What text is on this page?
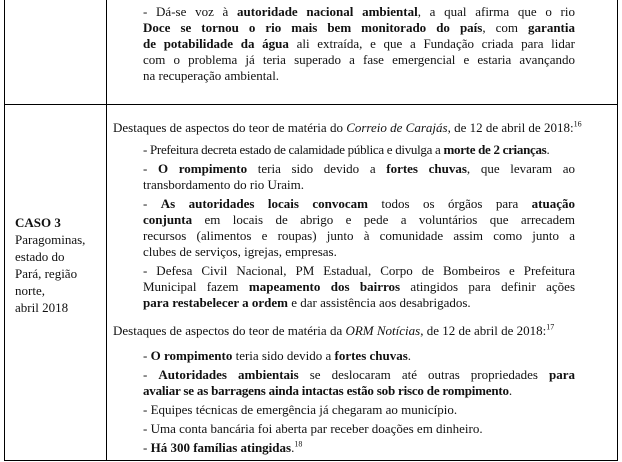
- Dá-se voz à autoridade nacional ambiental, a qual afirma que o rio

Doce se tornou o rio mais bem monitorado do país, com garantia

de potabilidade da água ali extraída, e que a Fundação criada para lidar

com o problema já teria superado a fase emergencial e estaria avançando

na recuperação ambiental.

CASO 3
Paragominas,
estado do
Pará, região
norte,
abril 2018

Destaques de aspectos do teor de matéria do Correio de Carajás, de 12 de abril de 2018:$^{16}$

- Prefeitura decreta estado de calamidade pública e divulga a morte de 2 crianças.

- O rompimento teria sido devido a fortes chuvas, que levaram ao

transbordamento do rio Uraim.

- As autoridades locais convocam todos os órgãos para atuação

conjunta em locais de abrigo e pede a voluntários que arrecadem

recursos (alimentos e roupas) junto à comunidade assim como junto a

clubes de serviços, igrejas, empresas.

- Defesa Civil Nacional, PM Estadual, Corpo de Bombeiros e Prefeitura

Municipal fazem mapeamento dos bairros atingidos para definir ações

para restabelecer a ordem e dar assistência aos desabrigados.

Destaques de aspectos do teor de matéria da ORM Notícias, de 12 de abril de 2018:$^{17}$

- O rompimento teria sido devido a fortes chuvas.

- Autoridades ambientais se deslocaram até outras propriedades para

avaliar se as barragens ainda intactas estão sob risco de rompimento.

- Equipes técnicas de emergência já chegaram ao município.

- Uma conta bancária foi aberta par receber doações em dinheiro.

- Há 300 famílias atingidas.$^{18}$
